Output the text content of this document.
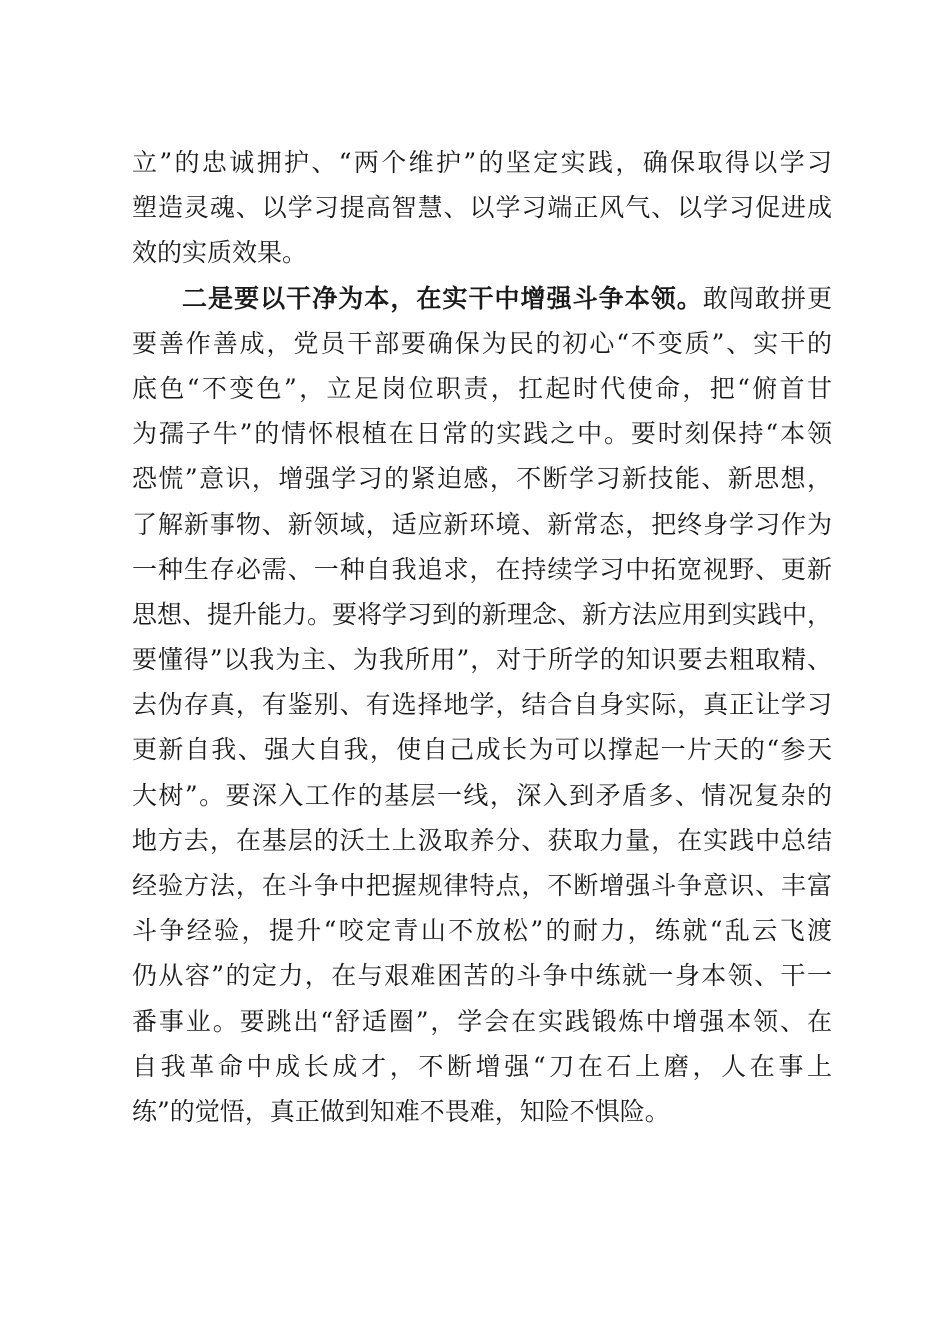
立”的忠诚拥护、“两个维护”的坚定实践，确保取得以学习
塑造灵魂、以学习提高智慧、以学习端正风气、以学习促进成
效的实质效果。
二是要以干净为本，在实干中增强斗争本领。敢闯敢拼更
要善作善成，党员干部要确保为民的初心“不变质”、实干的
底色“不变色”，立足岗位职责，扛起时代使命，把“俯首甘
为孺子牛”的情怀根植在日常的实践之中。要时刻保持“本领
恐慌”意识，增强学习的紧迫感，不断学习新技能、新思想，
了解新事物、新领域，适应新环境、新常态，把终身学习作为
一种生存必需、一种自我追求，在持续学习中拓宽视野、更新
思想、提升能力。要将学习到的新理念、新方法应用到实践中，
要懂得”以我为主、为我所用”，对于所学的知识要去粗取精、
去伪存真，有鉴别、有选择地学，结合自身实际，真正让学习
更新自我、强大自我，使自己成长为可以撑起一片天的“参天
大树”。要深入工作的基层一线，深入到矛盾多、情况复杂的
地方去，在基层的沃土上汲取养分、获取力量，在实践中总结
经验方法，在斗争中把握规律特点，不断增强斗争意识、丰富
斗争经验，提升“咬定青山不放松”的耐力，练就“乱云飞渡
仍从容”的定力，在与艰难困苦的斗争中练就一身本领、干一
番事业。要跳出“舒适圈”，学会在实践锻炼中增强本领、在
自我革命中成长成才，不断增强“刀在石上磨，人在事上
练”的觉悟，真正做到知难不畏难，知险不惧险。
